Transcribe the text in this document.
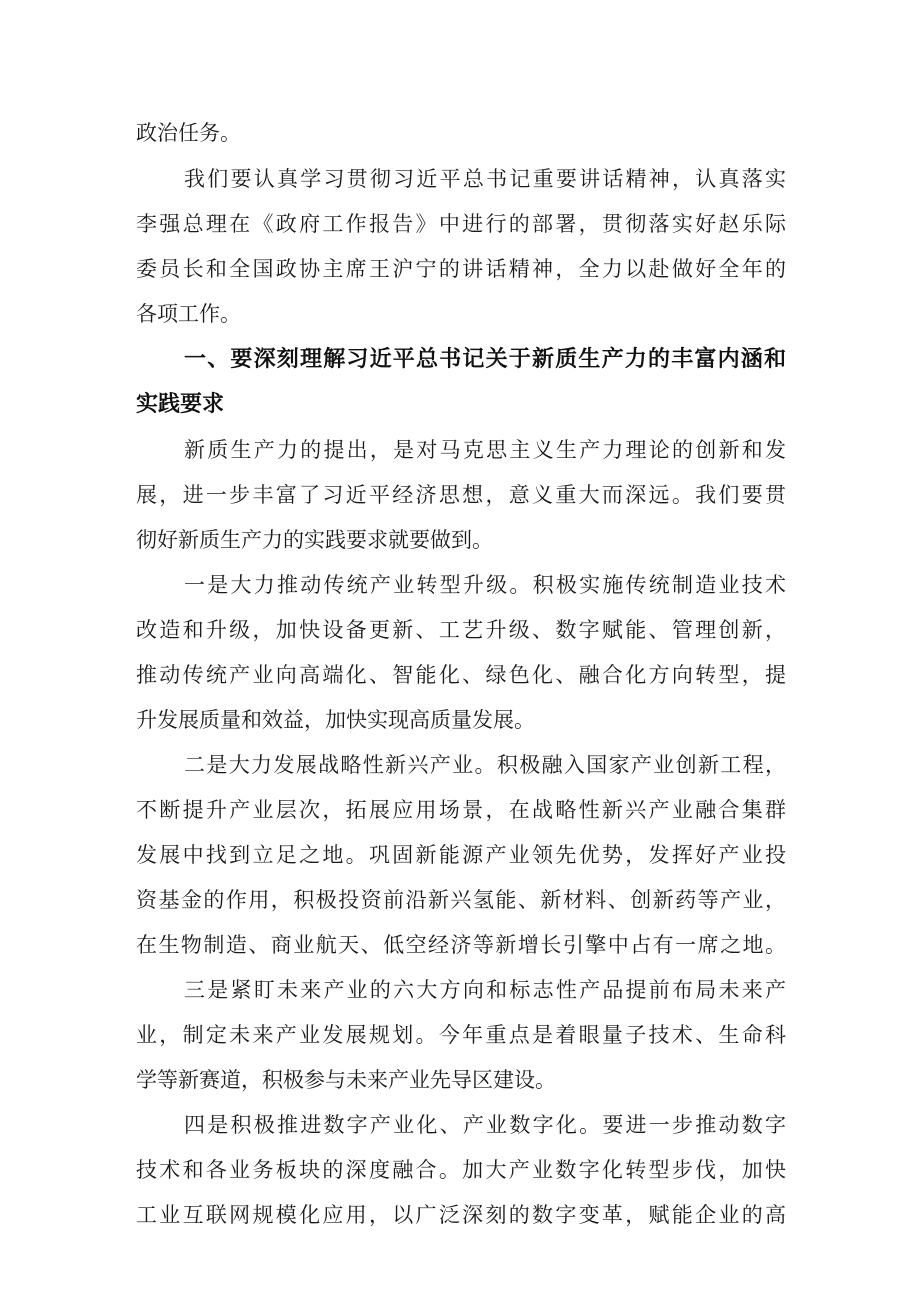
政治任务。
我们要认真学习贯彻习近平总书记重要讲话精神，认真落实
李强总理在《政府工作报告》中进行的部署，贯彻落实好赵乐际
委员长和全国政协主席王沪宁的讲话精神，全力以赴做好全年的
各项工作。
一、要深刻理解习近平总书记关于新质生产力的丰富内涵和
实践要求
新质生产力的提出，是对马克思主义生产力理论的创新和发
展，进一步丰富了习近平经济思想，意义重大而深远。我们要贯
彻好新质生产力的实践要求就要做到。
一是大力推动传统产业转型升级。积极实施传统制造业技术
改造和升级，加快设备更新、工艺升级、数字赋能、管理创新，
推动传统产业向高端化、智能化、绿色化、融合化方向转型，提
升发展质量和效益，加快实现高质量发展。
二是大力发展战略性新兴产业。积极融入国家产业创新工程，
不断提升产业层次，拓展应用场景，在战略性新兴产业融合集群
发展中找到立足之地。巩固新能源产业领先优势，发挥好产业投
资基金的作用，积极投资前沿新兴氢能、新材料、创新药等产业，
在生物制造、商业航天、低空经济等新增长引擎中占有一席之地。
三是紧盯未来产业的六大方向和标志性产品提前布局未来产
业，制定未来产业发展规划。今年重点是着眼量子技术、生命科
学等新赛道，积极参与未来产业先导区建设。
四是积极推进数字产业化、产业数字化。要进一步推动数字
技术和各业务板块的深度融合。加大产业数字化转型步伐，加快
工业互联网规模化应用，以广泛深刻的数字变革，赋能企业的高
